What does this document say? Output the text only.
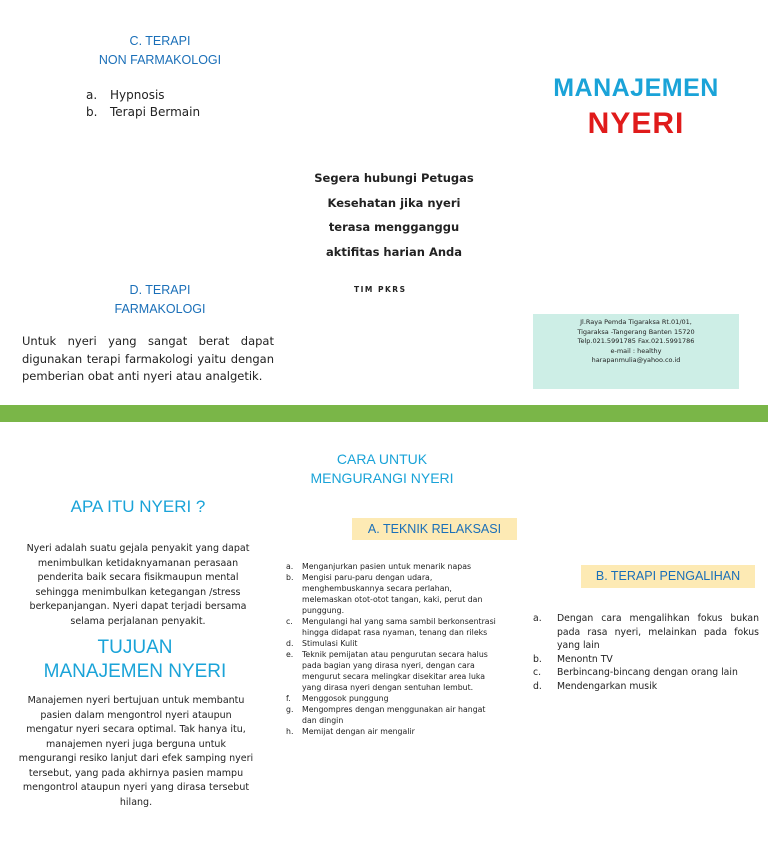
C. TERAPI
NON FARMAKOLOGI
a.	Hypnosis
b.	Terapi Bermain
D. TERAPI
FARMAKOLOGI

Untuk nyeri yang sangat berat dapat digunakan terapi farmakologi yaitu dengan pemberian obat anti nyeri atau analgetik.

Segera hubungi Petugas
Kesehatan jika nyeri
terasa mengganggu
aktifitas harian Anda
TIM PKRS
MANAJEMEN
NYERI
Jl.Raya Pemda Tigaraksa Rt.01/01,
Tigaraksa -Tangerang Banten 15720
Telp.021.5991785 Fax.021.5991786
e-mail : healthy
harapanmulia@yahoo.co.id
APA ITU NYERI ?

Nyeri adalah suatu gejala penyakit yang dapat menimbulkan ketidaknyamanan perasaan penderita baik secara fisikmaupun mental sehingga menimbulkan ketegangan /stress berkepanjangan. Nyeri dapat terjadi bersama selama perjalanan penyakit.

TUJUAN
MANAJEMEN NYERI

Manajemen nyeri bertujuan untuk membantu pasien dalam mengontrol nyeri ataupun mengatur nyeri secara optimal. Tak hanya itu, manajemen nyeri juga berguna untuk mengurangi resiko lanjut dari efek samping nyeri tersebut, yang pada akhirnya pasien mampu mengontrol ataupun nyeri yang dirasa tersebut hilang.

CARA UNTUK
MENGURANGI NYERI
A. TEKNIK RELAKSASI
a.	Menganjurkan pasien untuk menarik napas
b.	Mengisi paru-paru dengan udara, menghembuskannya secara perlahan, melemaskan otot-otot tangan, kaki, perut dan punggung.
c.	Mengulangi hal yang sama sambil berkonsentrasi hingga didapat rasa nyaman, tenang dan rileks
d.	Stimulasi Kulit
e.	Teknik pemijatan atau pengurutan secara halus pada bagian yang dirasa nyeri, dengan cara mengurut secara melingkar disekitar area luka yang dirasa nyeri dengan sentuhan lembut.
f.	Menggosok punggung
g.	Mengompres dengan menggunakan air hangat dan dingin
h.	Memijat dengan air mengalir
B. TERAPI PENGALIHAN
a.	Dengan cara mengalihkan fokus bukan pada rasa nyeri, melainkan pada fokus yang lain
b.	Menontn TV
c.	Berbincang-bincang dengan orang lain
d.	Mendengarkan musik
